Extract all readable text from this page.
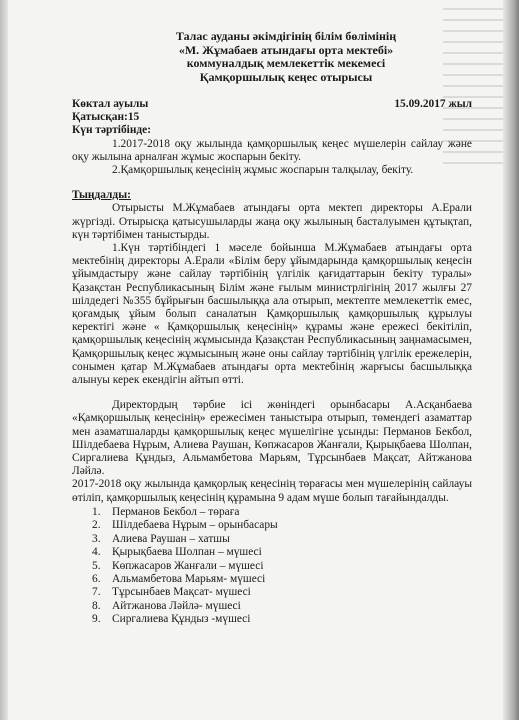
Талас ауданы әкімдігінің білім бөлімінің
«М. Жұмабаев атындағы орта мектебі»
коммуналдық мемлекеттік мекемесі
Қамқоршылық кеңес отырысы
Көктал ауылы	15.09.2017 жыл
Қатысқан:15
Күн тәртібінде:
1.2017-2018 оқу жылында қамқоршылық кеңес мүшелерін сайлау және оқу жылына арналған жұмыс жоспарын бекіту.
2.Қамқоршылық кеңесінің жұмыс жоспарын талқылау, бекіту.
Тыңдалды:
Отырысты М.Жұмабаев атындағы орта мектеп директоры А.Ерали жүргізді. Отырысқа қатысушыларды жаңа оқу жылының басталуымен құтықтап, күн тәртібімен таныстырды.
1.Күн тәртібіндегі 1 мәселе бойынша М.Жұмабаев атындағы орта мектебінің директоры А.Ерали «Білім беру ұйымдарында қамқоршылық кеңесін ұйымдастыру және сайлау тәртібінің үлгілік қағидаттарын бекіту туралы» Қазақстан Республикасының Білім және ғылым министрлігінің 2017 жылғы 27 шілдедегі №355 бұйрығын басшылыққа ала отырып, мектепте мемлекеттік емес, қоғамдық ұйым болып саналатын Қамқоршылық қамқоршылық құрылуы керектігі және « Қамқоршылық кеңесінің» құрамы және ережесі бекітіліп, қамқоршылық кеңесінің жұмысында Қазақстан Республикасының заңнамасымен, Қамқоршылық кеңес жұмысының және оны сайлау тәртібінің үлгілік ережелерін, сонымен қатар М.Жұмабаев атындағы орта мектебінің жарғысы басшылыққа алынуы керек екендігін айтып өтті.
Директордың тәрбие ісі жөніндегі орынбасары А.Асқанбаева «Қамқоршылық кеңесінің» ережесімен таныстыра отырып, төмендегі азаматтар мен азаматшаларды қамқоршылық кеңес мүшелігіне ұсынды: Перманов Бекбол, Шілдебаева Нұрым, Алиева Раушан, Көпжасаров Жанғали, Қырықбаева Шолпан, Сиргалиева Құндыз, Альмамбетова Марьям, Тұрсынбаев Мақсат, Айтжанова Ләйлә.
2017-2018 оқу жылында қамқорлық кеңесінің төрағасы мен мүшелерінің сайлауы өтіліп, қамқоршылық кеңесінің құрамына 9 адам мүше болып тағайындалды.
1. Перманов Бекбол – төрағa
2. Шілдебаева Нұрым – орынбасары
3. Алиева Раушан – хатшы
4. Қырықбаева Шолпан – мүшесі
5. Көпжасаров Жанғали – мүшесі
6. Альмамбетова Марьям- мүшесі
7. Тұрсынбаев Мақсат- мүшесі
8. Айтжанова Ләйлә- мүшесі
9. Сиргалиева Құндыз -мүшесі
